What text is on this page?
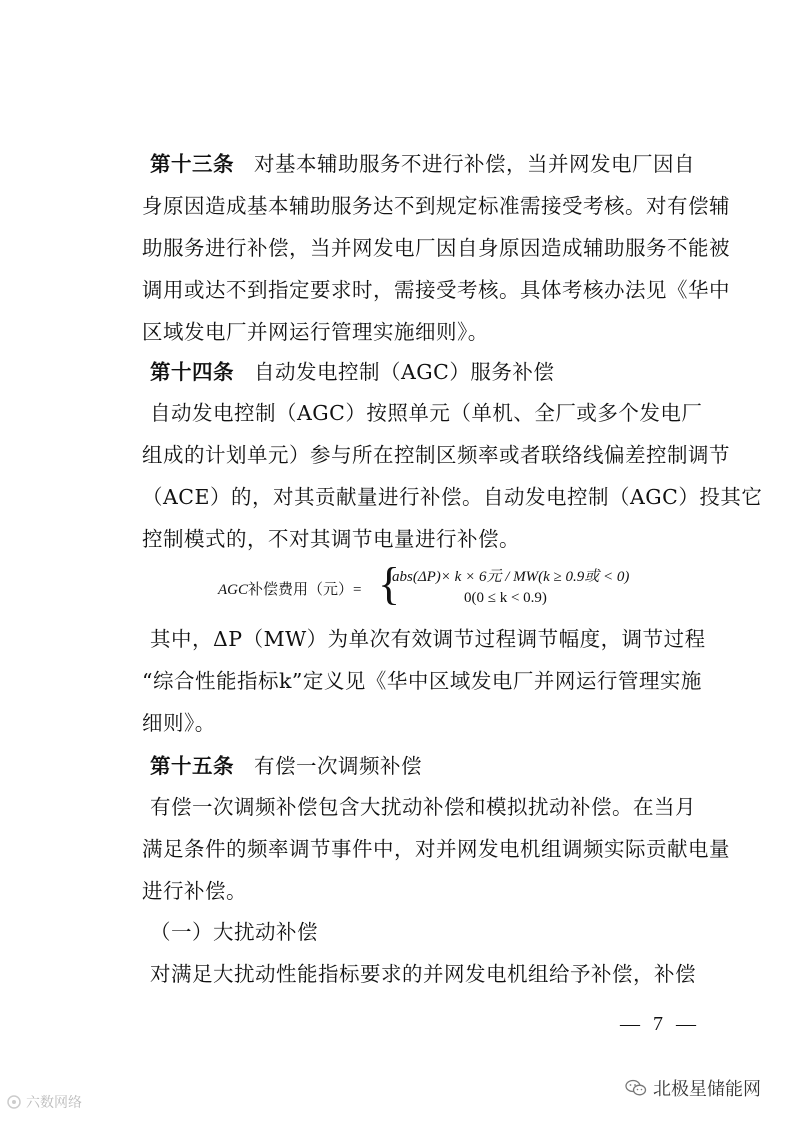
第十三条 对基本辅助服务不进行补偿，当并网发电厂因自
身原因造成基本辅助服务达不到规定标准需接受考核。对有偿辅
助服务进行补偿，当并网发电厂因自身原因造成辅助服务不能被
调用或达不到指定要求时，需接受考核。具体考核办法见《华中
区域发电厂并网运行管理实施细则》。
第十四条 自动发电控制（AGC）服务补偿
自动发电控制（AGC）按照单元（单机、全厂或多个发电厂
组成的计划单元）参与所在控制区频率或者联络线偏差控制调节
（ACE）的，对其贡献量进行补偿。自动发电控制（AGC）投其它
控制模式的，不对其调节电量进行补偿。
AGC补偿费用（元）= {
abs(ΔP)× k × 6元 / MW(k ≥ 0.9或 < 0)
0(0 ≤ k < 0.9)
其中，ΔP（MW）为单次有效调节过程调节幅度，调节过程
“综合性能指标k”定义见《华中区域发电厂并网运行管理实施
细则》。
第十五条 有偿一次调频补偿
有偿一次调频补偿包含大扰动补偿和模拟扰动补偿。在当月
满足条件的频率调节事件中，对并网发电机组调频实际贡献电量
进行补偿。
（一）大扰动补偿
对满足大扰动性能指标要求的并网发电机组给予补偿，补偿
— 7 —
北极星储能网
六数网络
